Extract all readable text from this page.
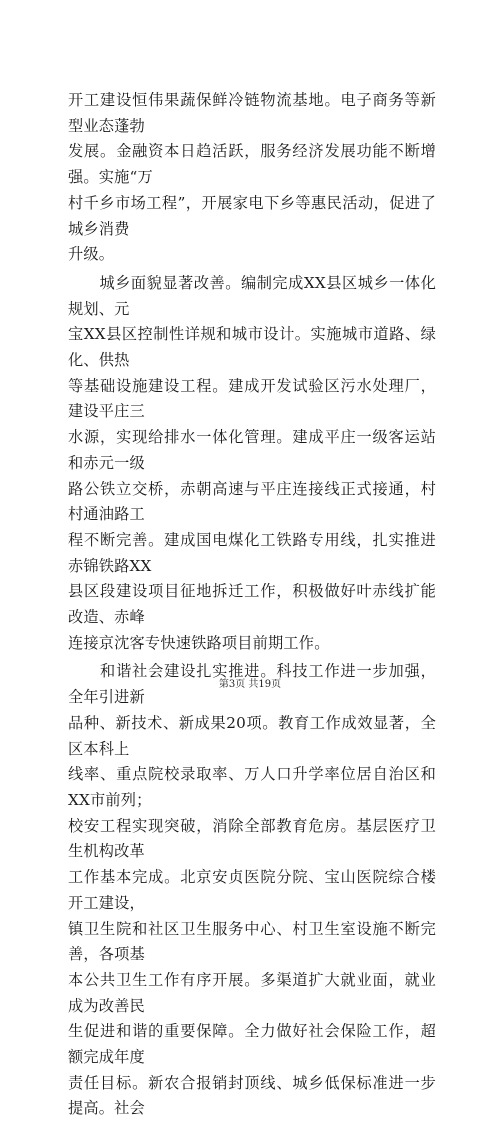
开工建设恒伟果蔬保鲜冷链物流基地。电子商务等新型业态蓬勃
发展。金融资本日趋活跃，服务经济发展功能不断增强。实施“万
村千乡市场工程”，开展家电下乡等惠民活动，促进了城乡消费
升级。

　　城乡面貌显著改善。编制完成XX县区城乡一体化规划、元
宝XX县区控制性详规和城市设计。实施城市道路、绿化、供热
等基础设施建设工程。建成开发试验区污水处理厂，建设平庄三
水源，实现给排水一体化管理。建成平庄一级客运站和赤元一级
路公铁立交桥，赤朝高速与平庄连接线正式接通，村村通油路工
程不断完善。建成国电煤化工铁路专用线，扎实推进赤锦铁路XX
县区段建设项目征地拆迁工作，积极做好叶赤线扩能改造、赤峰
连接京沈客专快速铁路项目前期工作。

　　和谐社会建设扎实推进。科技工作进一步加强，全年引进新
品种、新技术、新成果20项。教育工作成效显著，全区本科上
线率、重点院校录取率、万人口升学率位居自治区和XX市前列；
校安工程实现突破，消除全部教育危房。基层医疗卫生机构改革
工作基本完成。北京安贞医院分院、宝山医院综合楼开工建设，
镇卫生院和社区卫生服务中心、村卫生室设施不断完善，各项基
本公共卫生工作有序开展。多渠道扩大就业面，就业成为改善民
生促进和谐的重要保障。全力做好社会保险工作，超额完成年度
责任目标。新农合报销封顶线、城乡低保标准进一步提高。社会

第3页 共19页
